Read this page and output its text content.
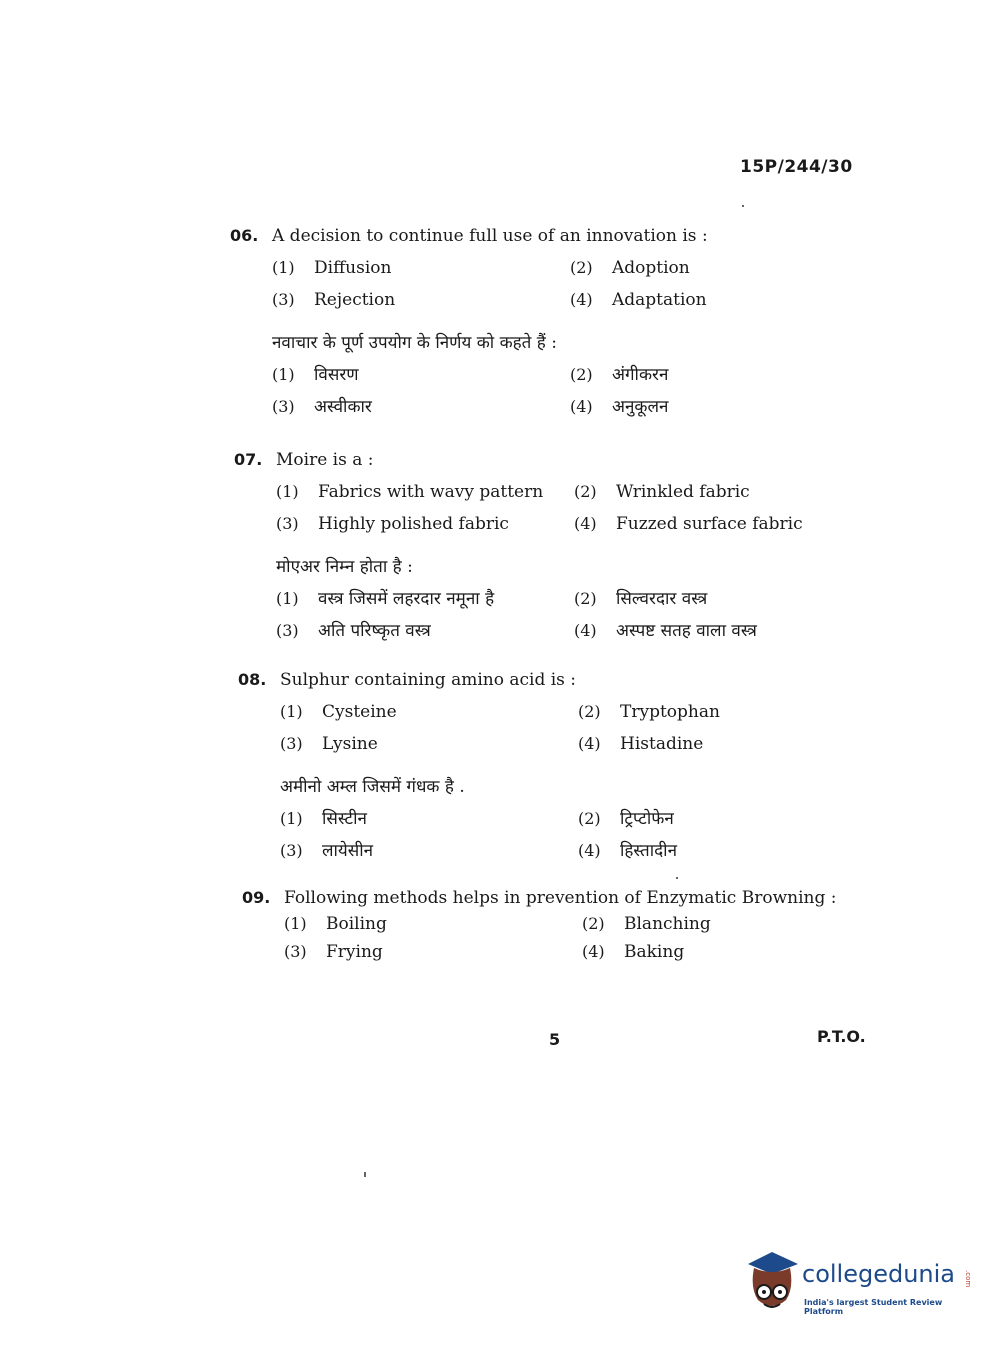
15P/244/30
06. A decision to continue full use of an innovation is :
(1) Diffusion	(2) Adoption
(3) Rejection	(4) Adaptation
नवाचार के पूर्ण उपयोग के निर्णय को कहते हैं :
(1) विसरण	(2) अंगीकरन
(3) अस्वीकार	(4) अनुकूलन
07. Moire is a :
(1) Fabrics with wavy pattern (2) Wrinkled fabric
(3) Highly polished fabric	(4) Fuzzed surface fabric
मोएअर निम्न होता है :
(1) वस्त्र जिसमें लहरदार नमूना है	(2) सिल्वरदार वस्त्र
(3) अति परिष्कृत वस्त्र	(4) अस्पष्ट सतह वाला वस्त्र
08. Sulphur containing amino acid is :
(1) Cysteine	(2) Tryptophan
(3) Lysine	(4) Histadine
अमीनो अम्ल जिसमें गंधक है .
(1) सिस्टीन	(2) ट्रिप्टोफेन
(3) लायेसीन	(4) हिस्तादीन
09. Following methods helps in prevention of Enzymatic Browning :
(1) Boiling	(2) Blanching
(3) Frying	(4) Baking
5	P.T.O.
collegedunia .com
India's largest Student Review Platform
